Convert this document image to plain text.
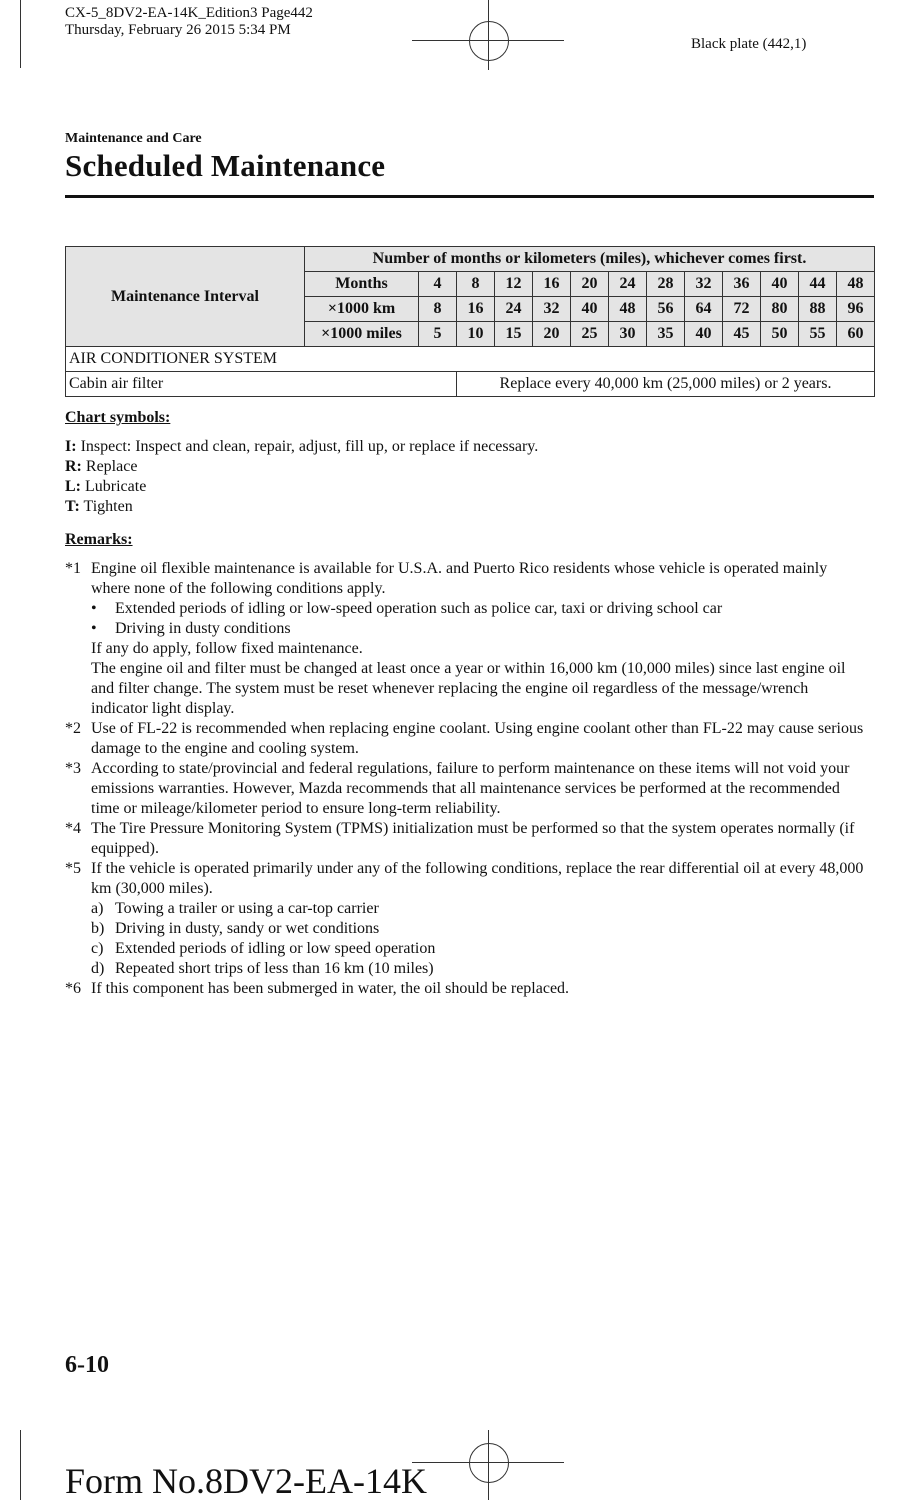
CX-5_8DV2-EA-14K_Edition3 Page442
Thursday, February 26 2015 5:34 PM
Black plate (442,1)
Maintenance and Care
Scheduled Maintenance
Maintenance Interval	Number of months or kilometers (miles), whichever comes first.												
	Months	4	8	12	16	20	24	28	32	36	40	44	48
	×1000 km	8	16	24	32	40	48	56	64	72	80	88	96
	×1000 miles	5	10	15	20	25	30	35	40	45	50	55	60
AIR CONDITIONER SYSTEM													
Cabin air filter			Replace every 40,000 km (25,000 miles) or 2 years.										
Chart symbols:
I: Inspect: Inspect and clean, repair, adjust, fill up, or replace if necessary.
R: Replace
L: Lubricate
T: Tighten
Remarks:
*1 Engine oil flexible maintenance is available for U.S.A. and Puerto Rico residents whose vehicle is operated mainly where none of the following conditions apply.
• Extended periods of idling or low-speed operation such as police car, taxi or driving school car
• Driving in dusty conditions
If any do apply, follow fixed maintenance.
The engine oil and filter must be changed at least once a year or within 16,000 km (10,000 miles) since last engine oil and filter change. The system must be reset whenever replacing the engine oil regardless of the message/wrench indicator light display.
*2 Use of FL-22 is recommended when replacing engine coolant. Using engine coolant other than FL-22 may cause serious damage to the engine and cooling system.
*3 According to state/provincial and federal regulations, failure to perform maintenance on these items will not void your emissions warranties. However, Mazda recommends that all maintenance services be performed at the recommended time or mileage/kilometer period to ensure long-term reliability.
*4 The Tire Pressure Monitoring System (TPMS) initialization must be performed so that the system operates normally (if equipped).
*5 If the vehicle is operated primarily under any of the following conditions, replace the rear differential oil at every 48,000 km (30,000 miles).
a) Towing a trailer or using a car-top carrier
b) Driving in dusty, sandy or wet conditions
c) Extended periods of idling or low speed operation
d) Repeated short trips of less than 16 km (10 miles)
*6 If this component has been submerged in water, the oil should be replaced.
6-10
Form No.8DV2-EA-14K
